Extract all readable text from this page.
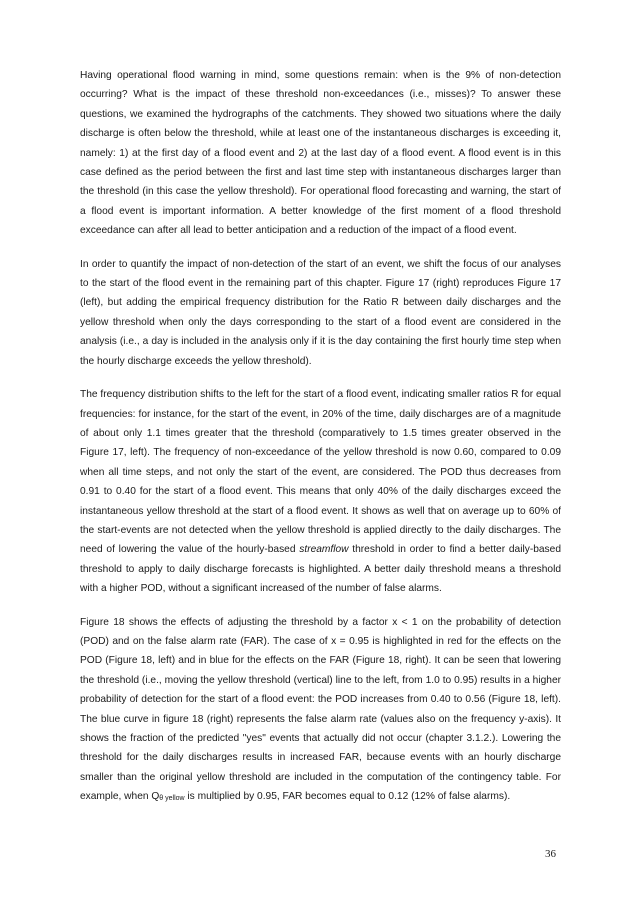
Having operational flood warning in mind, some questions remain: when is the 9% of non-detection occurring? What is the impact of these threshold non-exceedances (i.e., misses)? To answer these questions, we examined the hydrographs of the catchments. They showed two situations where the daily discharge is often below the threshold, while at least one of the instantaneous discharges is exceeding it, namely: 1) at the first day of a flood event and 2) at the last day of a flood event. A flood event is in this case defined as the period between the first and last time step with instantaneous discharges larger than the threshold (in this case the yellow threshold). For operational flood forecasting and warning, the start of a flood event is important information. A better knowledge of the first moment of a flood threshold exceedance can after all lead to better anticipation and a reduction of the impact of a flood event.

In order to quantify the impact of non-detection of the start of an event, we shift the focus of our analyses to the start of the flood event in the remaining part of this chapter. Figure 17 (right) reproduces Figure 17 (left), but adding the empirical frequency distribution for the Ratio R between daily discharges and the yellow threshold when only the days corresponding to the start of a flood event are considered in the analysis (i.e., a day is included in the analysis only if it is the day containing the first hourly time step when the hourly discharge exceeds the yellow threshold).

The frequency distribution shifts to the left for the start of a flood event, indicating smaller ratios R for equal frequencies: for instance, for the start of the event, in 20% of the time, daily discharges are of a magnitude of about only 1.1 times greater that the threshold (comparatively to 1.5 times greater observed in the Figure 17, left). The frequency of non-exceedance of the yellow threshold is now 0.60, compared to 0.09 when all time steps, and not only the start of the event, are considered. The POD thus decreases from 0.91 to 0.40 for the start of a flood event. This means that only 40% of the daily discharges exceed the instantaneous yellow threshold at the start of a flood event. It shows as well that on average up to 60% of the start-events are not detected when the yellow threshold is applied directly to the daily discharges. The need of lowering the value of the hourly-based streamflow threshold in order to find a better daily-based threshold to apply to daily discharge forecasts is highlighted. A better daily threshold means a threshold with a higher POD, without a significant increased of the number of false alarms.

Figure 18 shows the effects of adjusting the threshold by a factor x < 1 on the probability of detection (POD) and on the false alarm rate (FAR). The case of x = 0.95 is highlighted in red for the effects on the POD (Figure 18, left) and in blue for the effects on the FAR (Figure 18, right). It can be seen that lowering the threshold (i.e., moving the yellow threshold (vertical) line to the left, from 1.0 to 0.95) results in a higher probability of detection for the start of a flood event: the POD increases from 0.40 to 0.56 (Figure 18, left). The blue curve in figure 18 (right) represents the false alarm rate (values also on the frequency y-axis). It shows the fraction of the predicted "yes" events that actually did not occur (chapter 3.1.2.). Lowering the threshold for the daily discharges results in increased FAR, because events with an hourly discharge smaller than the original yellow threshold are included in the computation of the contingency table. For example, when $Q_{\theta yellow}$ is multiplied by 0.95, FAR becomes equal to 0.12 (12% of false alarms).

36
